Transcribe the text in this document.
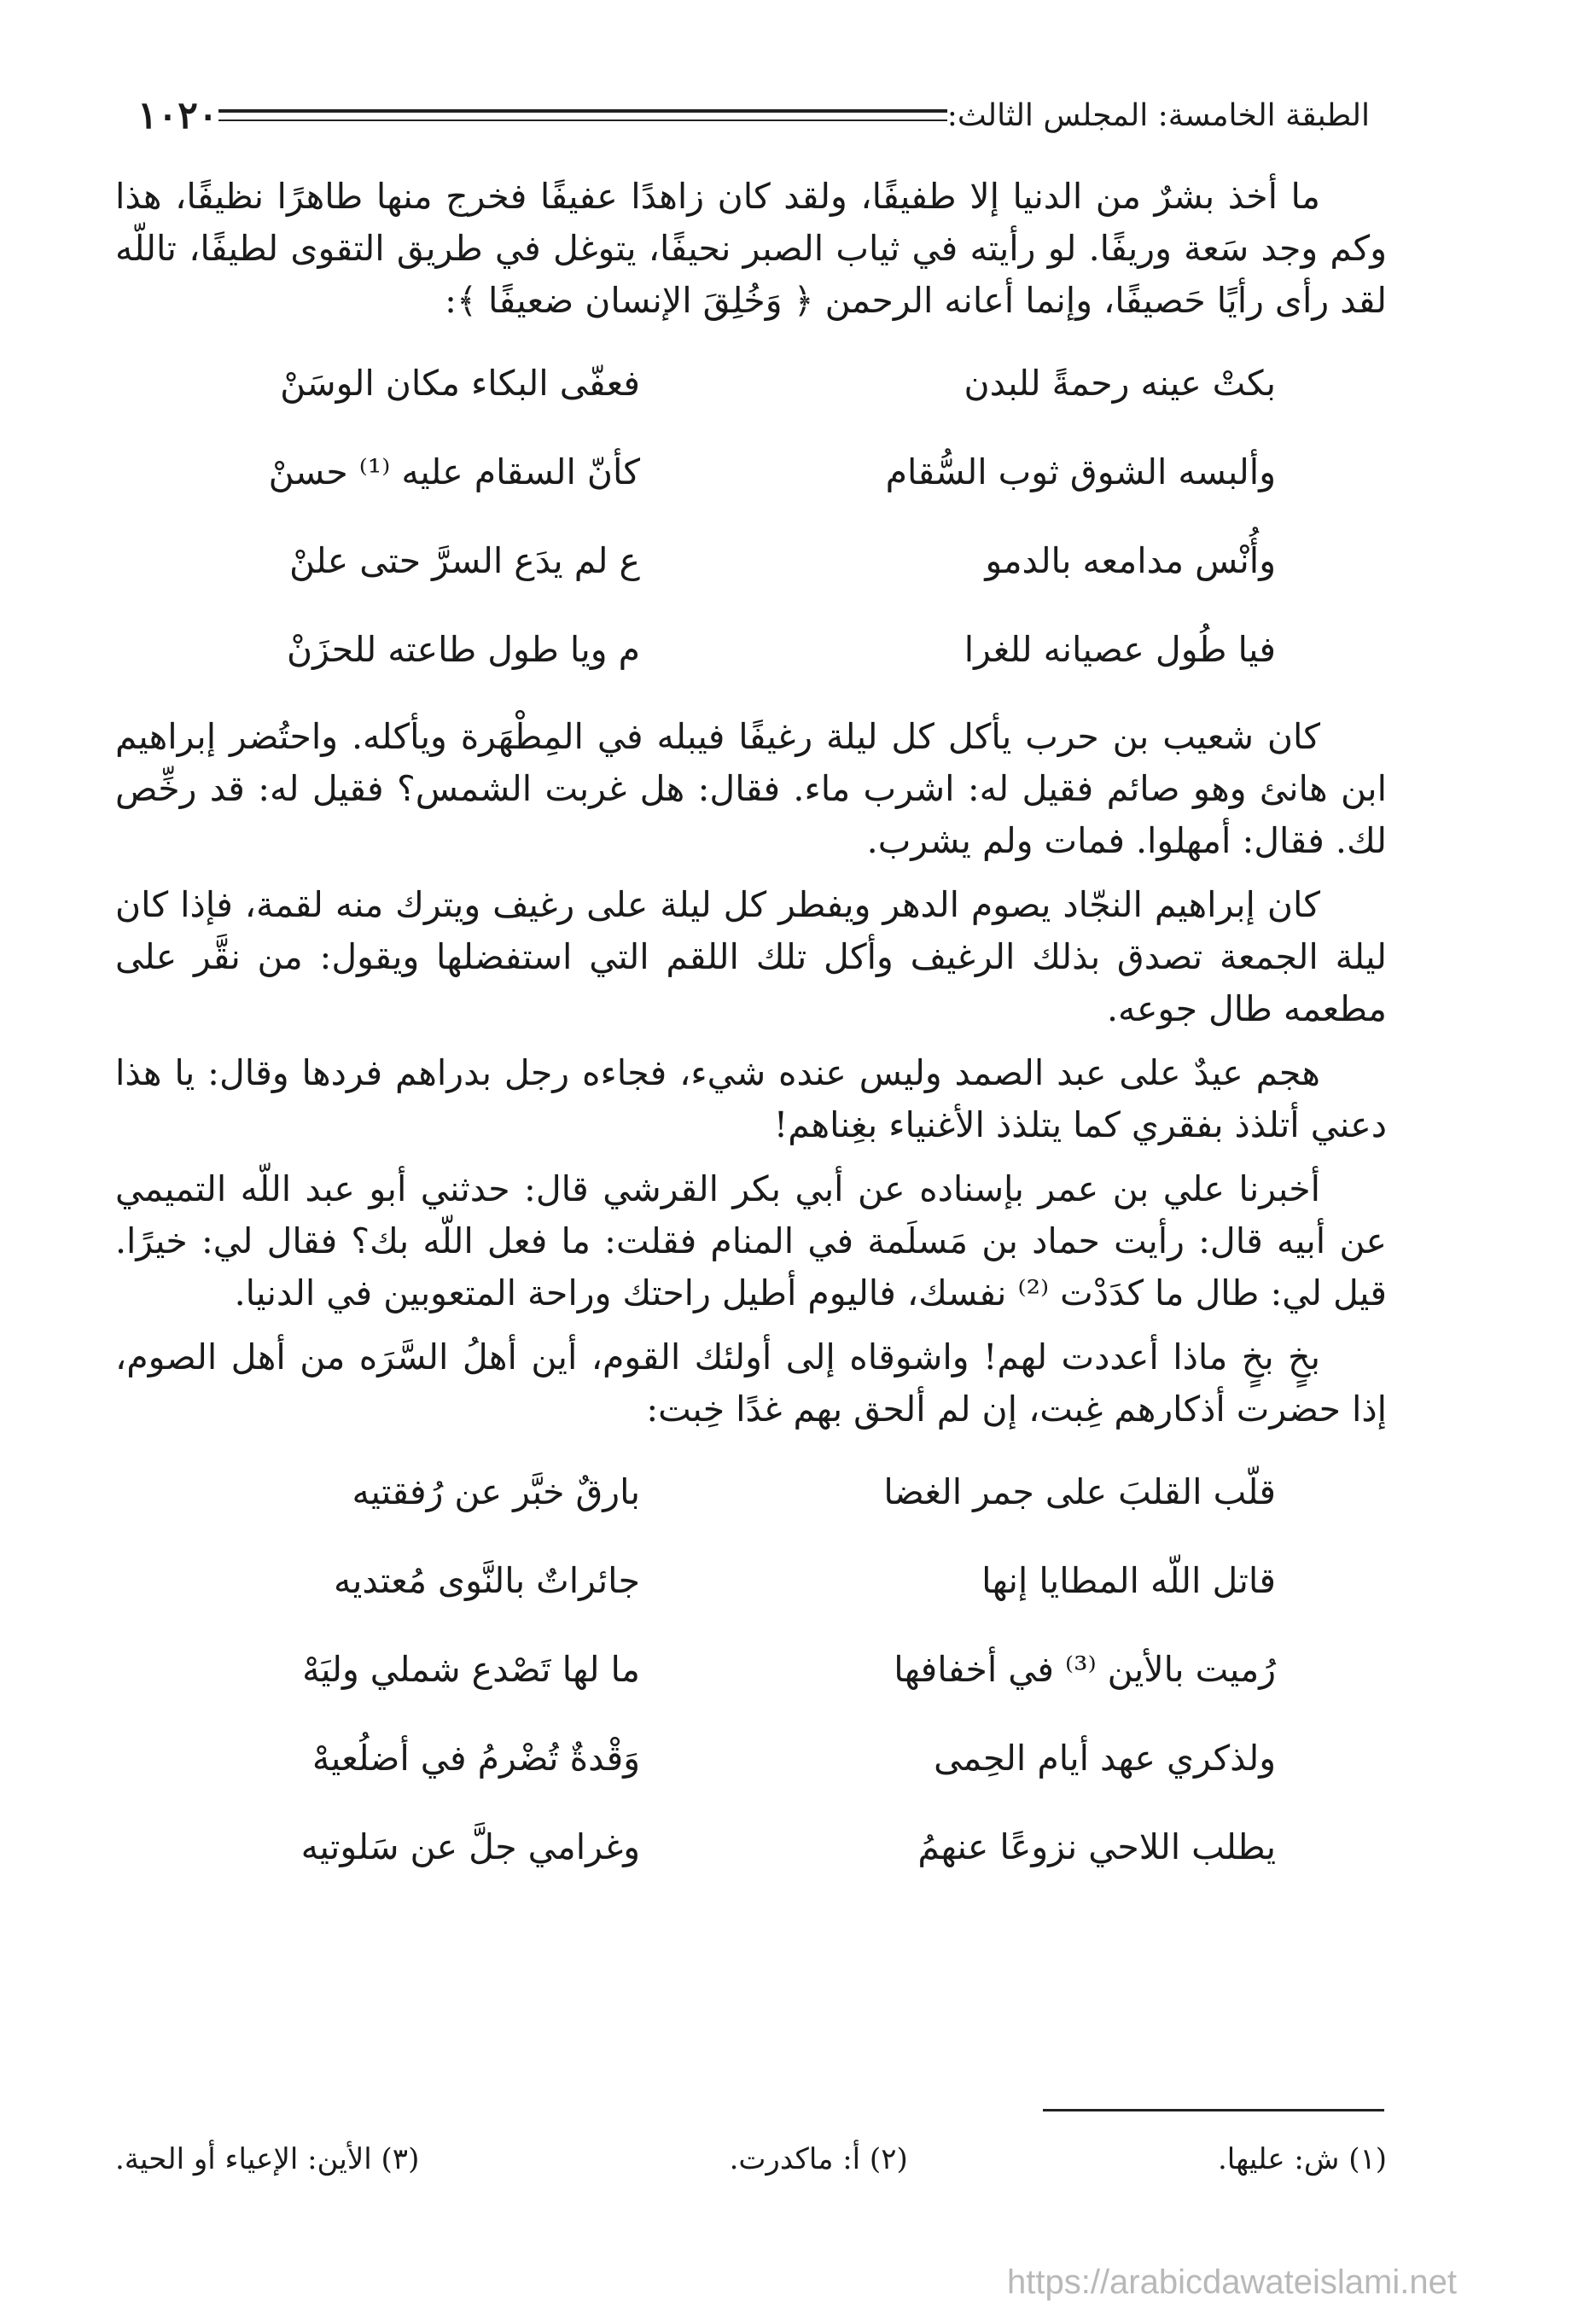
١٠٢٠	الطبقة الخامسة: المجلس الثالث:

ما أخذ بشرٌ من الدنيا إلا طفيفًا، ولقد كان زاهدًا عفيفًا فخرج منها طاهرًا نظيفًا، هذا وكم وجد سَعة وريفًا. لو رأيته في ثياب الصبر نحيفًا، يتوغل في طريق التقوى لطيفًا، تاللّه لقد رأى رأيًا حَصيفًا، وإنما أعانه الرحمن ﴿ وَخُلِقَ الإنسان ضعيفًا ﴾:

بكتْ عينه رحمةً للبدن
فعفّى البكاء مكان الوسَنْ
وألبسه الشوق ثوب السُّقام
كأنّ السقام عليه ⁽¹⁾ حسنْ
وأُنْس مدامعه بالدمو
ع لم يدَع السرَّ حتى علنْ
فيا طُول عصيانه للغرا
م ويا طول طاعته للحزَنْ

كان شعيب بن حرب يأكل كل ليلة رغيفًا فيبله في المِطْهَرة ويأكله. واحتُضر إبراهيم ابن هانئ وهو صائم فقيل له: اشرب ماء. فقال: هل غربت الشمس؟ فقيل له: قد رخِّص لك. فقال: أمهلوا. فمات ولم يشرب.

كان إبراهيم النجّاد يصوم الدهر ويفطر كل ليلة على رغيف ويترك منه لقمة، فإذا كان ليلة الجمعة تصدق بذلك الرغيف وأكل تلك اللقم التي استفضلها ويقول: من نقَّر على مطعمه طال جوعه.

هجم عيدٌ على عبد الصمد وليس عنده شيء، فجاءه رجل بدراهم فردها وقال: يا هذا دعني أتلذذ بفقري كما يتلذذ الأغنياء بغِناهم!

أخبرنا علي بن عمر بإسناده عن أبي بكر القرشي قال: حدثني أبو عبد اللّه التميمي عن أبيه قال: رأيت حماد بن مَسلَمة في المنام فقلت: ما فعل اللّه بك؟ فقال لي: خيرًا. قيل لي: طال ما كدَدْت ⁽²⁾ نفسك، فاليوم أطيل راحتك وراحة المتعوبين في الدنيا.

بخٍ بخٍ ماذا أعددت لهم! واشوقاه إلى أولئك القوم، أين أهلُ السَّرَه من أهل الصوم، إذا حضرت أذكارهم غِبت، إن لم ألحق بهم غدًا خِبت:

قلّب القلبَ على جمر الغضا
بارقٌ خبَّر عن رُفقتيه
قاتل اللّه المطايا إنها
جائراتٌ بالنَّوى مُعتديه
رُميت بالأين ⁽³⁾ في أخفافها
ما لها تَصْدع شملي وليَهْ
ولذكري عهد أيام الحِمى
وَقْدةٌ تُضْرمُ في أضلُعيهْ
يطلب اللاحي نزوعًا عنهمُ
وغرامي جلَّ عن سَلوتيه
(١) ش: عليها.
(٢) أ: ماكدرت.
(٣) الأين: الإعياء أو الحية.
https://arabicdawateislami.net
